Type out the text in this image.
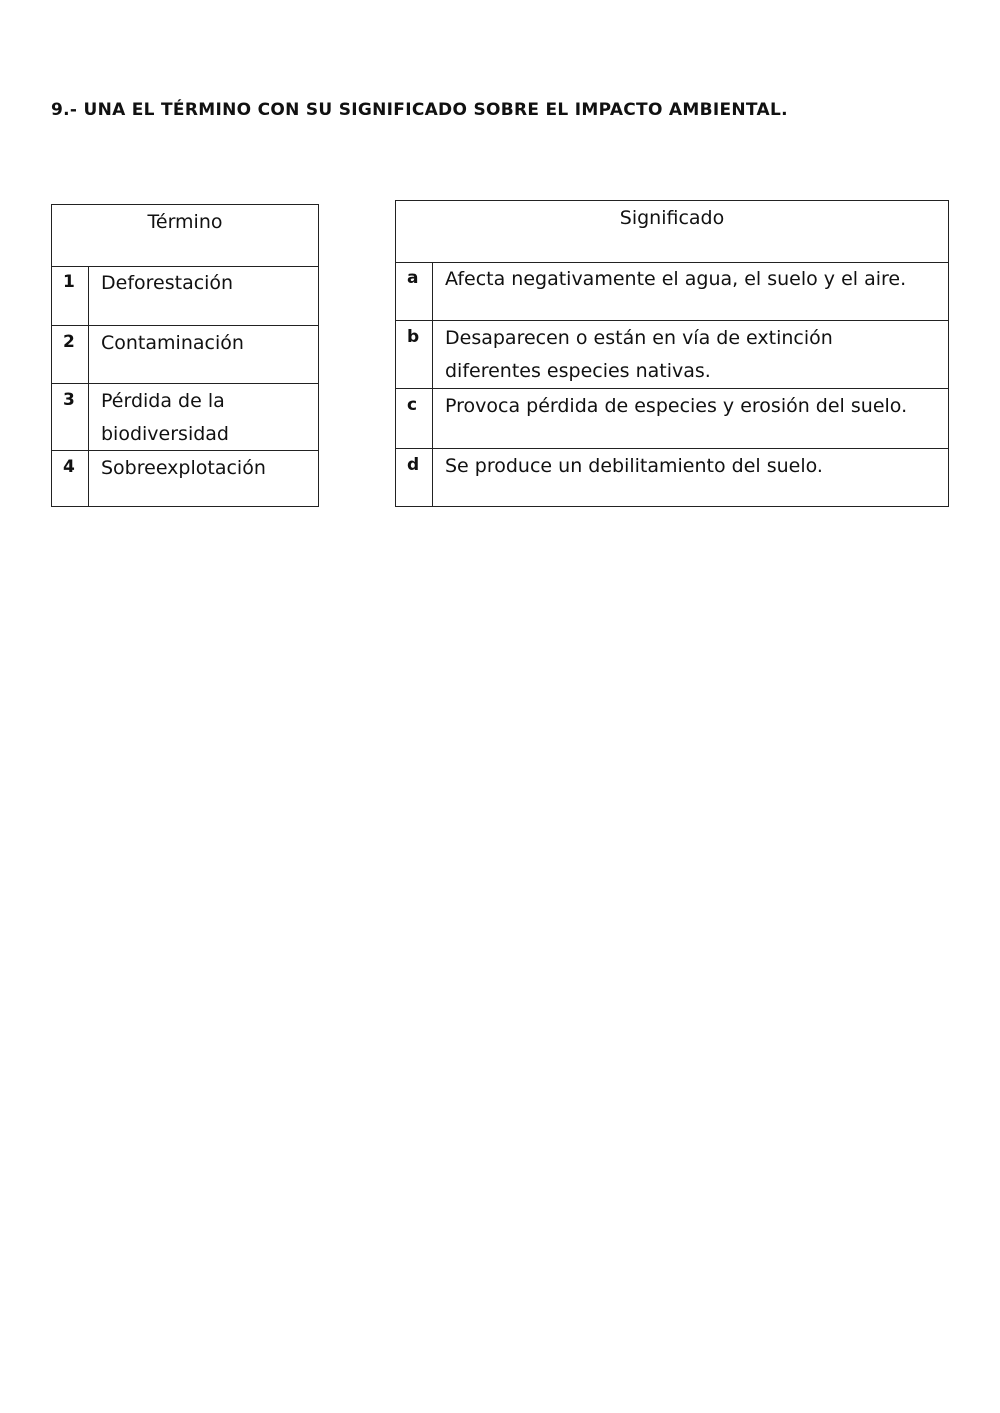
9.- UNA EL TÉRMINO CON SU SIGNIFICADO SOBRE EL IMPACTO AMBIENTAL.
Término
1	Deforestación
2	Contaminación
3	Pérdida de la biodiversidad
4	Sobreexplotación
Significado
a	Afecta negativamente el agua, el suelo y el aire.
b	Desaparecen o están en vía de extinción diferentes especies nativas.
c	Provoca pérdida de especies y erosión del suelo.
d	Se produce un debilitamiento del suelo.
